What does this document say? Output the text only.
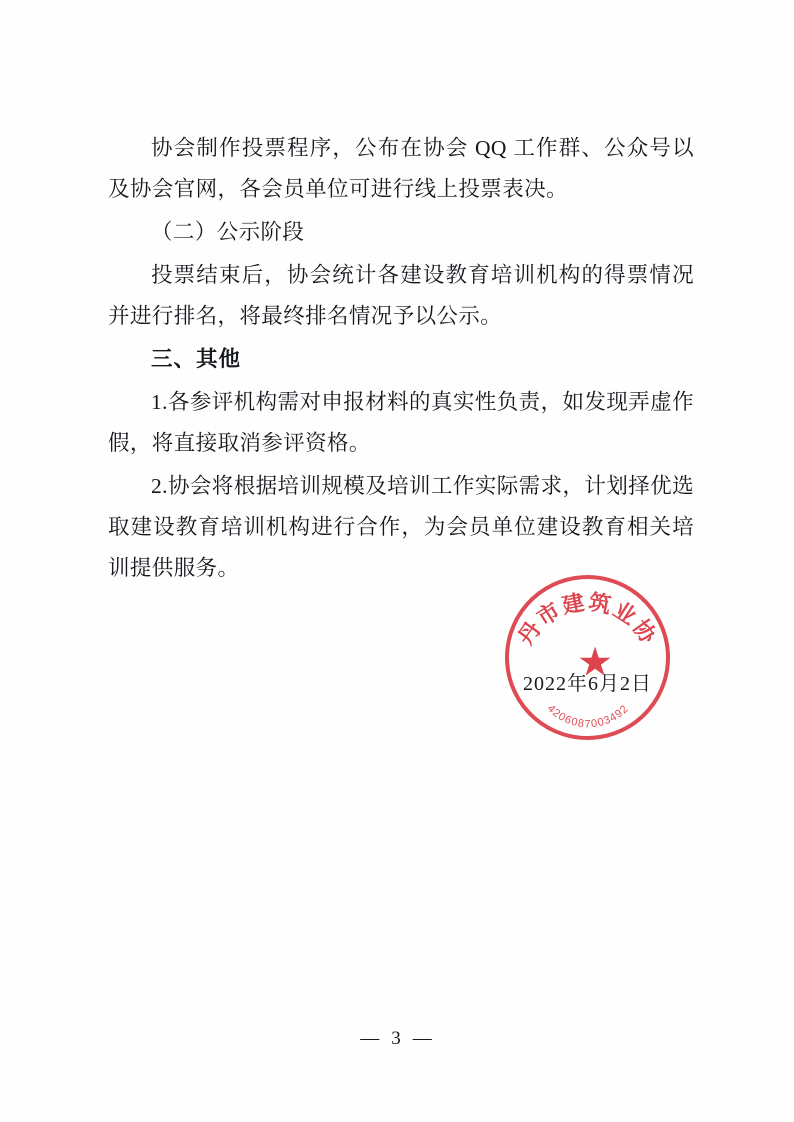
协会制作投票程序，公布在协会 QQ 工作群、公众号以及协会官网，各会员单位可进行线上投票表决。

（二）公示阶段

投票结束后，协会统计各建设教育培训机构的得票情况并进行排名，将最终排名情况予以公示。

三、其他

1.各参评机构需对申报材料的真实性负责，如发现弄虚作假，将直接取消参评资格。

2.协会将根据培训规模及培训工作实际需求，计划择优选取建设教育培训机构进行合作，为会员单位建设教育相关培训提供服务。

丹市建筑业协
4206087003492
★
2022年6月2日
— 3 —
